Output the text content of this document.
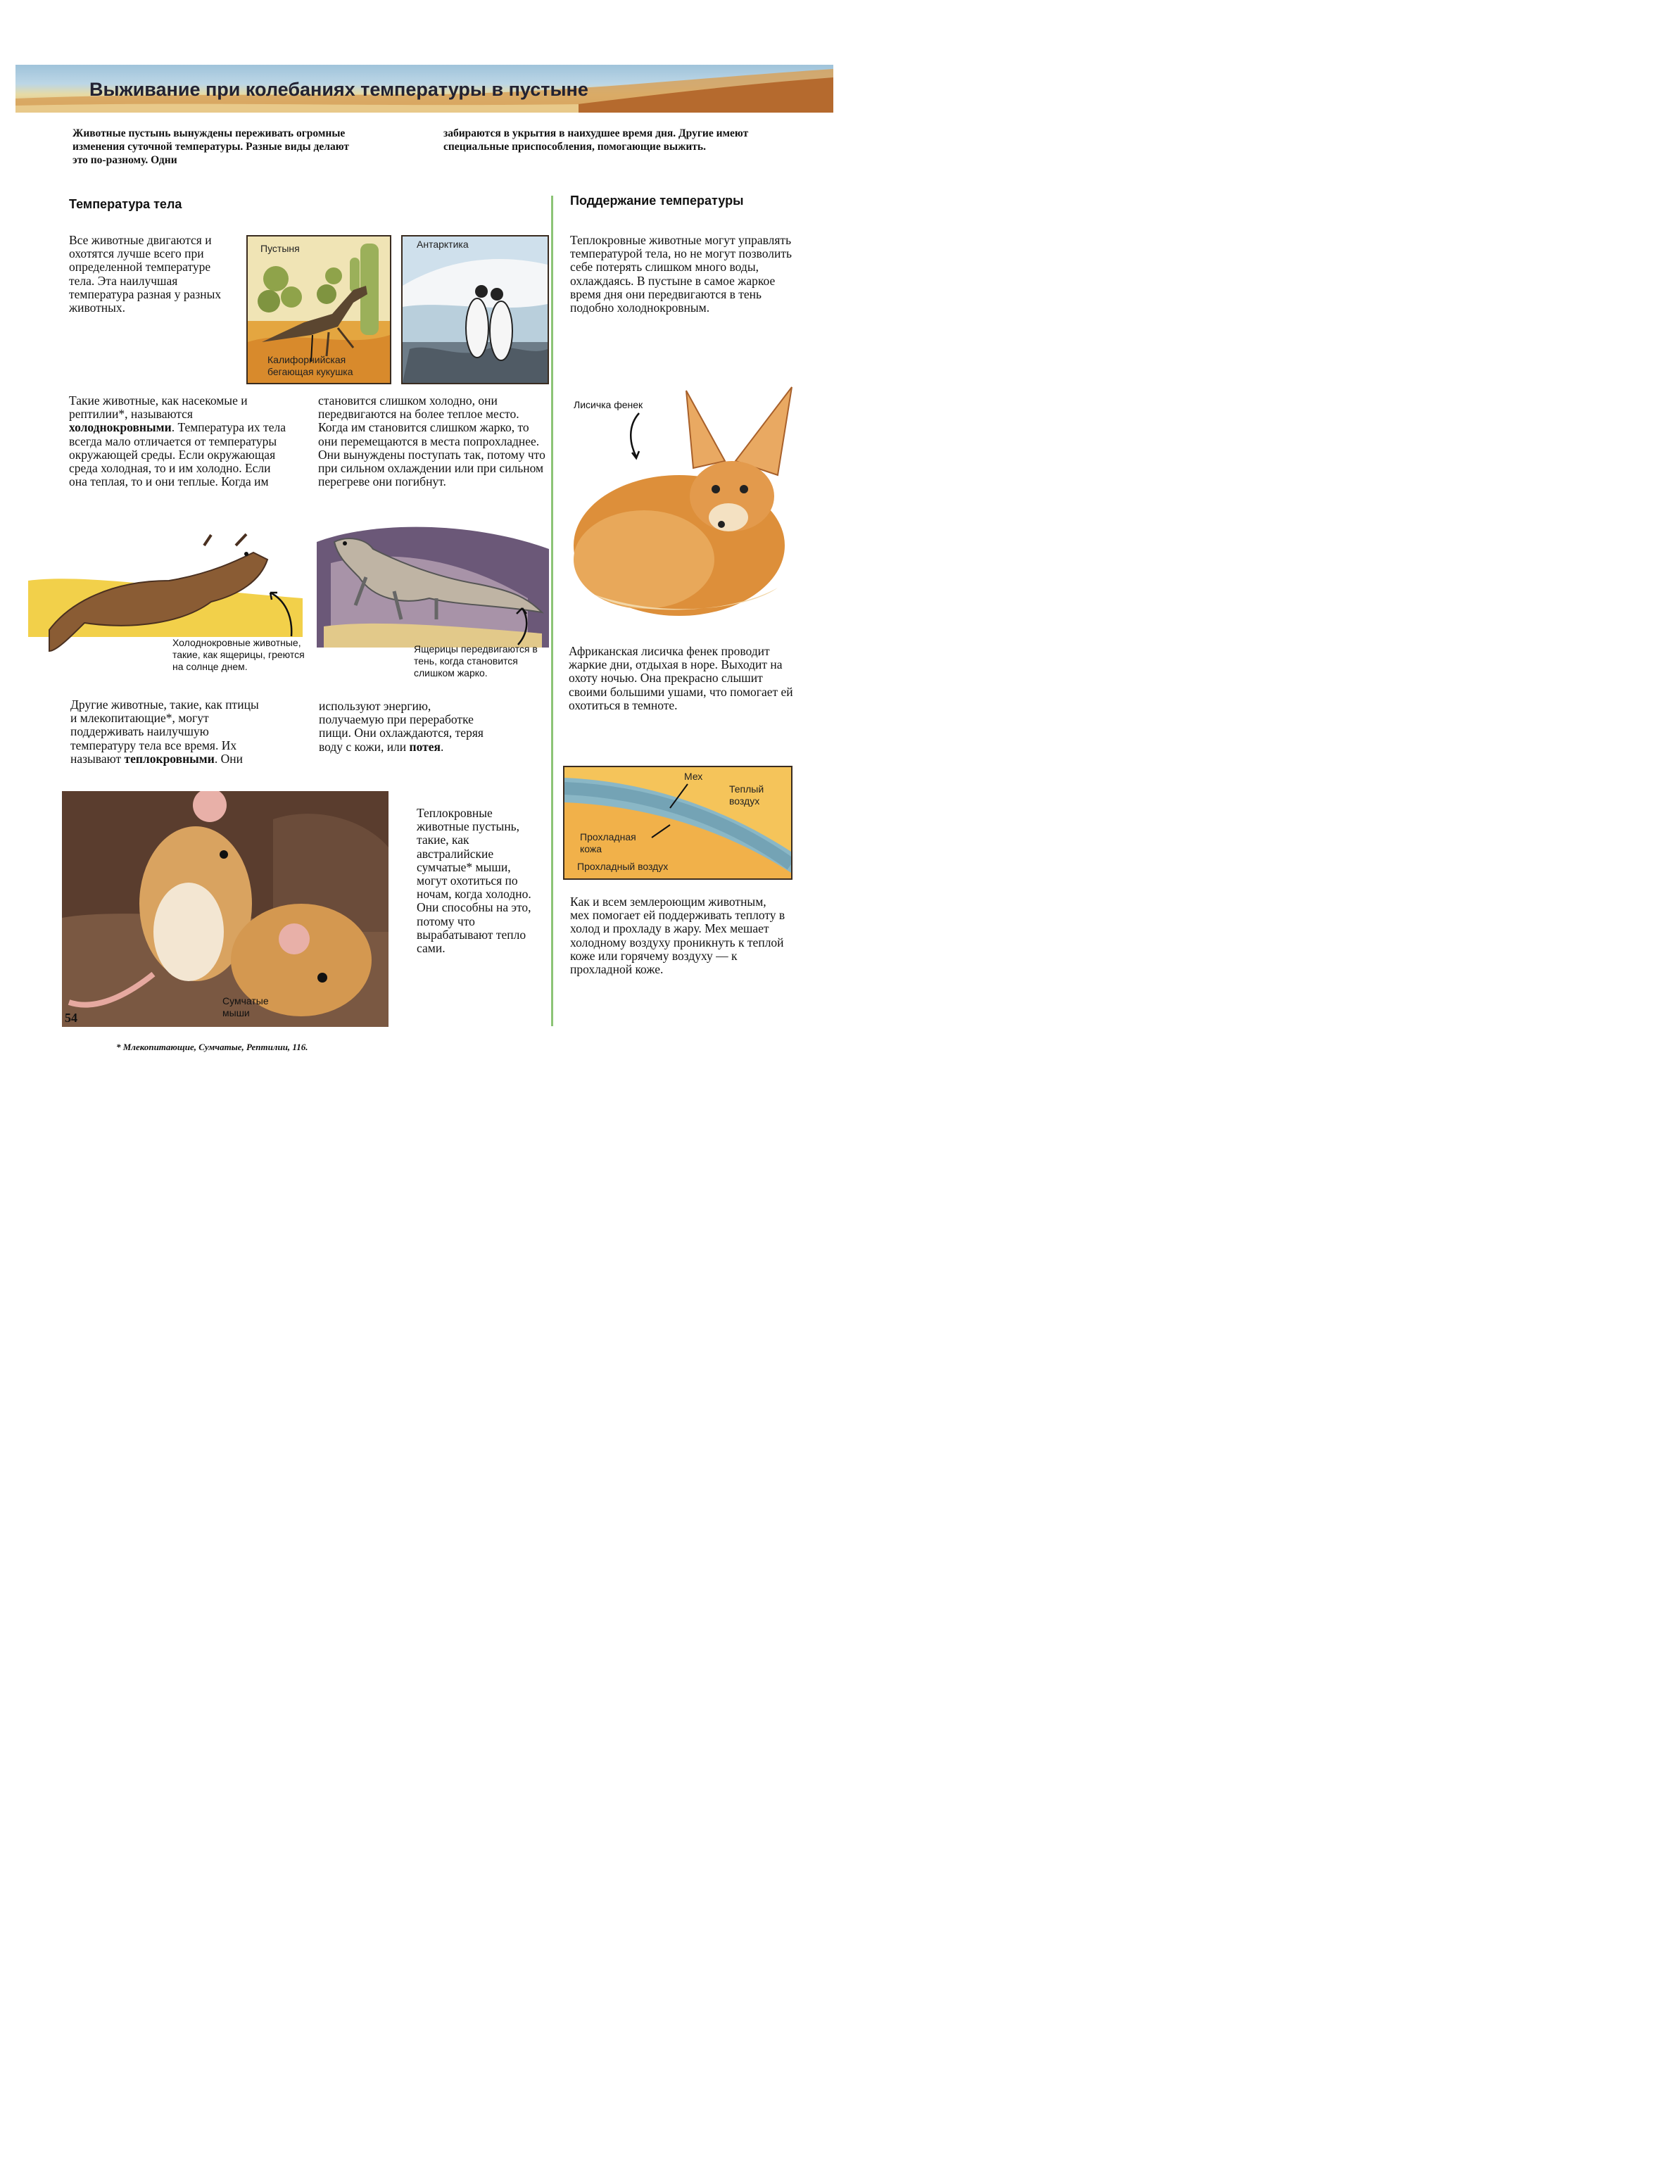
Выживание при колебаниях температуры в пустыне
Животные пустынь вынуждены переживать огромные изменения суточной температуры. Разные виды делают это по-разному. Одни
забираются в укрытия в наихудшее время дня. Другие имеют специальные приспособления, помогающие выжить.
Температура тела	Поддержание температуры
Все животные двигаются и охотятся лучше всего при определенной температуре тела. Эта наилучшая температура разная у разных животных.
Пустыня
Калифорнийская
бегающая кукушка
Антарктика	Теплокровные животные могут управлять температурой тела, но не могут позволить себе потерять слишком много воды, охлаждаясь. В пустыне в самое жаркое время дня они передвигаются в тень подобно холоднокровным.
Такие животные, как насекомые и рептилии*, называются холоднокровными. Температура их тела всегда мало отличается от температуры окружающей среды. Если окружающая среда холодная, то и им холодно. Если она теплая, то и они теплые. Когда им
становится слишком холодно, они передвигаются на более теплое место. Когда им становится слишком жарко, то они перемещаются в места попрохладнее. Они вынуждены поступать так, потому что при сильном охлаждении или при сильном перегреве они погибнут.
Лисичка фенек
Холоднокровные животные, такие, как ящерицы, греются на солнце днем.
Ящерицы передвигаются в тень, когда становится слишком жарко.
Африканская лисичка фенек проводит жаркие дни, отдыхая в норе. Выходит на охоту ночью. Она прекрасно слышит своими большими ушами, что помогает ей охотиться в темноте.
Другие животные, такие, как птицы и млекопитающие*, могут поддерживать наилучшую температуру тела все время. Их называют теплокровными. Они
используют энергию, получаемую при переработке пищи. Они охлаждаются, теряя воду с кожи, или потея.
Мех
Теплый
воздух
Прохладная
кожа
Прохладный воздух
Сумчатые мыши
Теплокровные животные пустынь, такие, как австралийские сумчатые* мыши, могут охотиться по ночам, когда холодно. Они способны на это, потому что вырабатывают тепло сами.
Как и всем землероющим животным, мех помогает ей поддерживать теплоту в холод и прохладу в жару. Мех мешает холодному воздуху проникнуть к теплой коже или горячему воздуху — к прохладной коже.
54
* Млекопитающие, Сумчатые, Рептилии, 116.
